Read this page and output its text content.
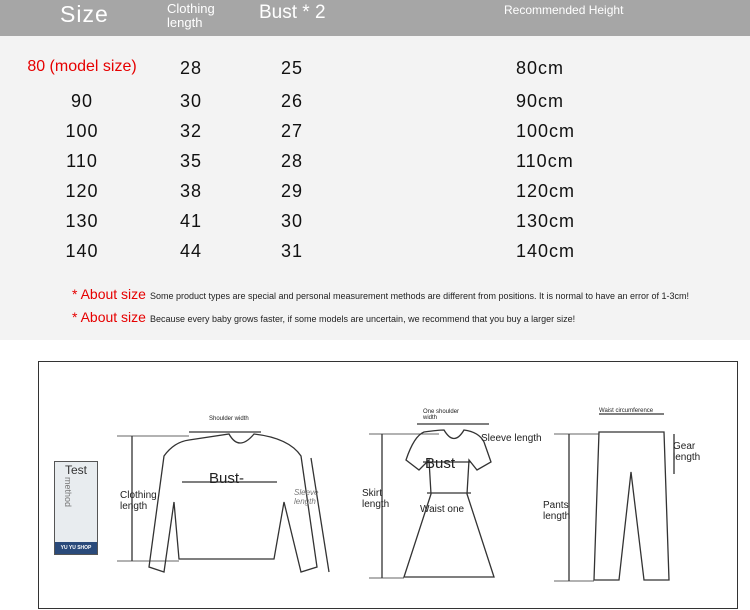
Size	Clothing length	Bust * 2	Recommended Height
80 (model size) 28	25	80cm
90	30	26	90cm
100	32	27	100cm
110	35	28	110cm
120	38	29	120cm
130	41	30	130cm
140	44	31	140cm
* About size Some product types are special and personal measurement methods are different from positions. It is normal to have an error of 1-3cm!
* About size Because every baby grows faster, if some models are uncertain, we recommend that you buy a larger size!
Test
method
YU YU SHOP
Shoulder width
Bust-
Clothing length
Sleeve length
One shoulder width
Sleeve length
Bust
Skirt length	Waist one
Waist circumference
Gear length
Pants length
